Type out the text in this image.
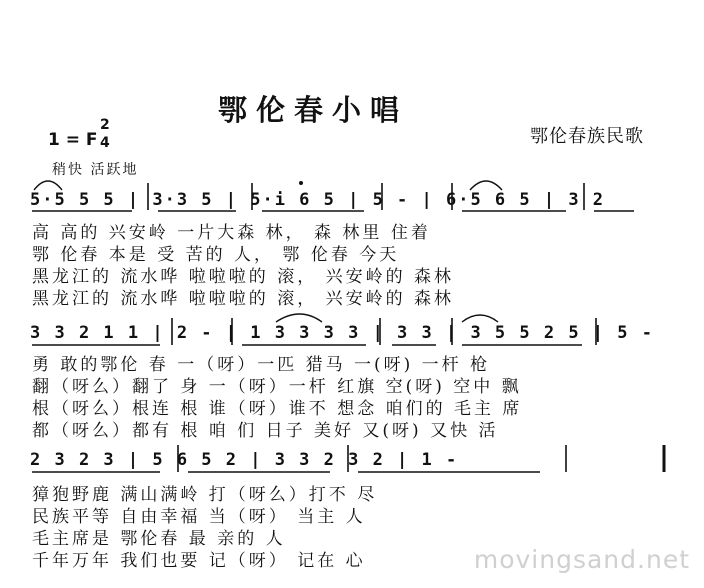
鄂伦春小唱
鄂伦春族民歌
1 = F
2
4
稍快 活跃地
5·5 5 5 | 3·3 5 | 5·i 6 5 | 5 - | 6·5 6 5 | 3 2
高 高的 兴安岭 一片大森 林， 森 林里 住着
鄂 伦春 本是 受 苦的 人， 鄂 伦春 今天
黑龙江的 流水哗 啦啦啦的 滚， 兴安岭的 森林
黑龙江的 流水哗 啦啦啦的 滚， 兴安岭的 森林
3 3 2 1 1 | 2 - | 1 3 3 3 3 | 3 3 | 3 5 5 2 5 | 5 -
勇 敢的鄂伦 春 一（呀）一匹 猎马 一(呀) 一杆 枪
翻（呀么）翻了 身 一（呀）一杆 红旗 空(呀) 空中 飘
根（呀么）根连 根 谁（呀）谁不 想念 咱们的 毛主 席
都（呀么）都有 根 咱 们 日子 美好 又(呀) 又快 活
2 3 2 3 | 5 6 5 2 | 3 3 2 3 2 | 1 -
獐狍野鹿 满山满岭 打（呀么）打不 尽
民族平等 自由幸福 当（呀） 当主 人
毛主席是 鄂伦春 最 亲的 人
千年万年 我们也要 记（呀） 记在 心	movingsand.net
